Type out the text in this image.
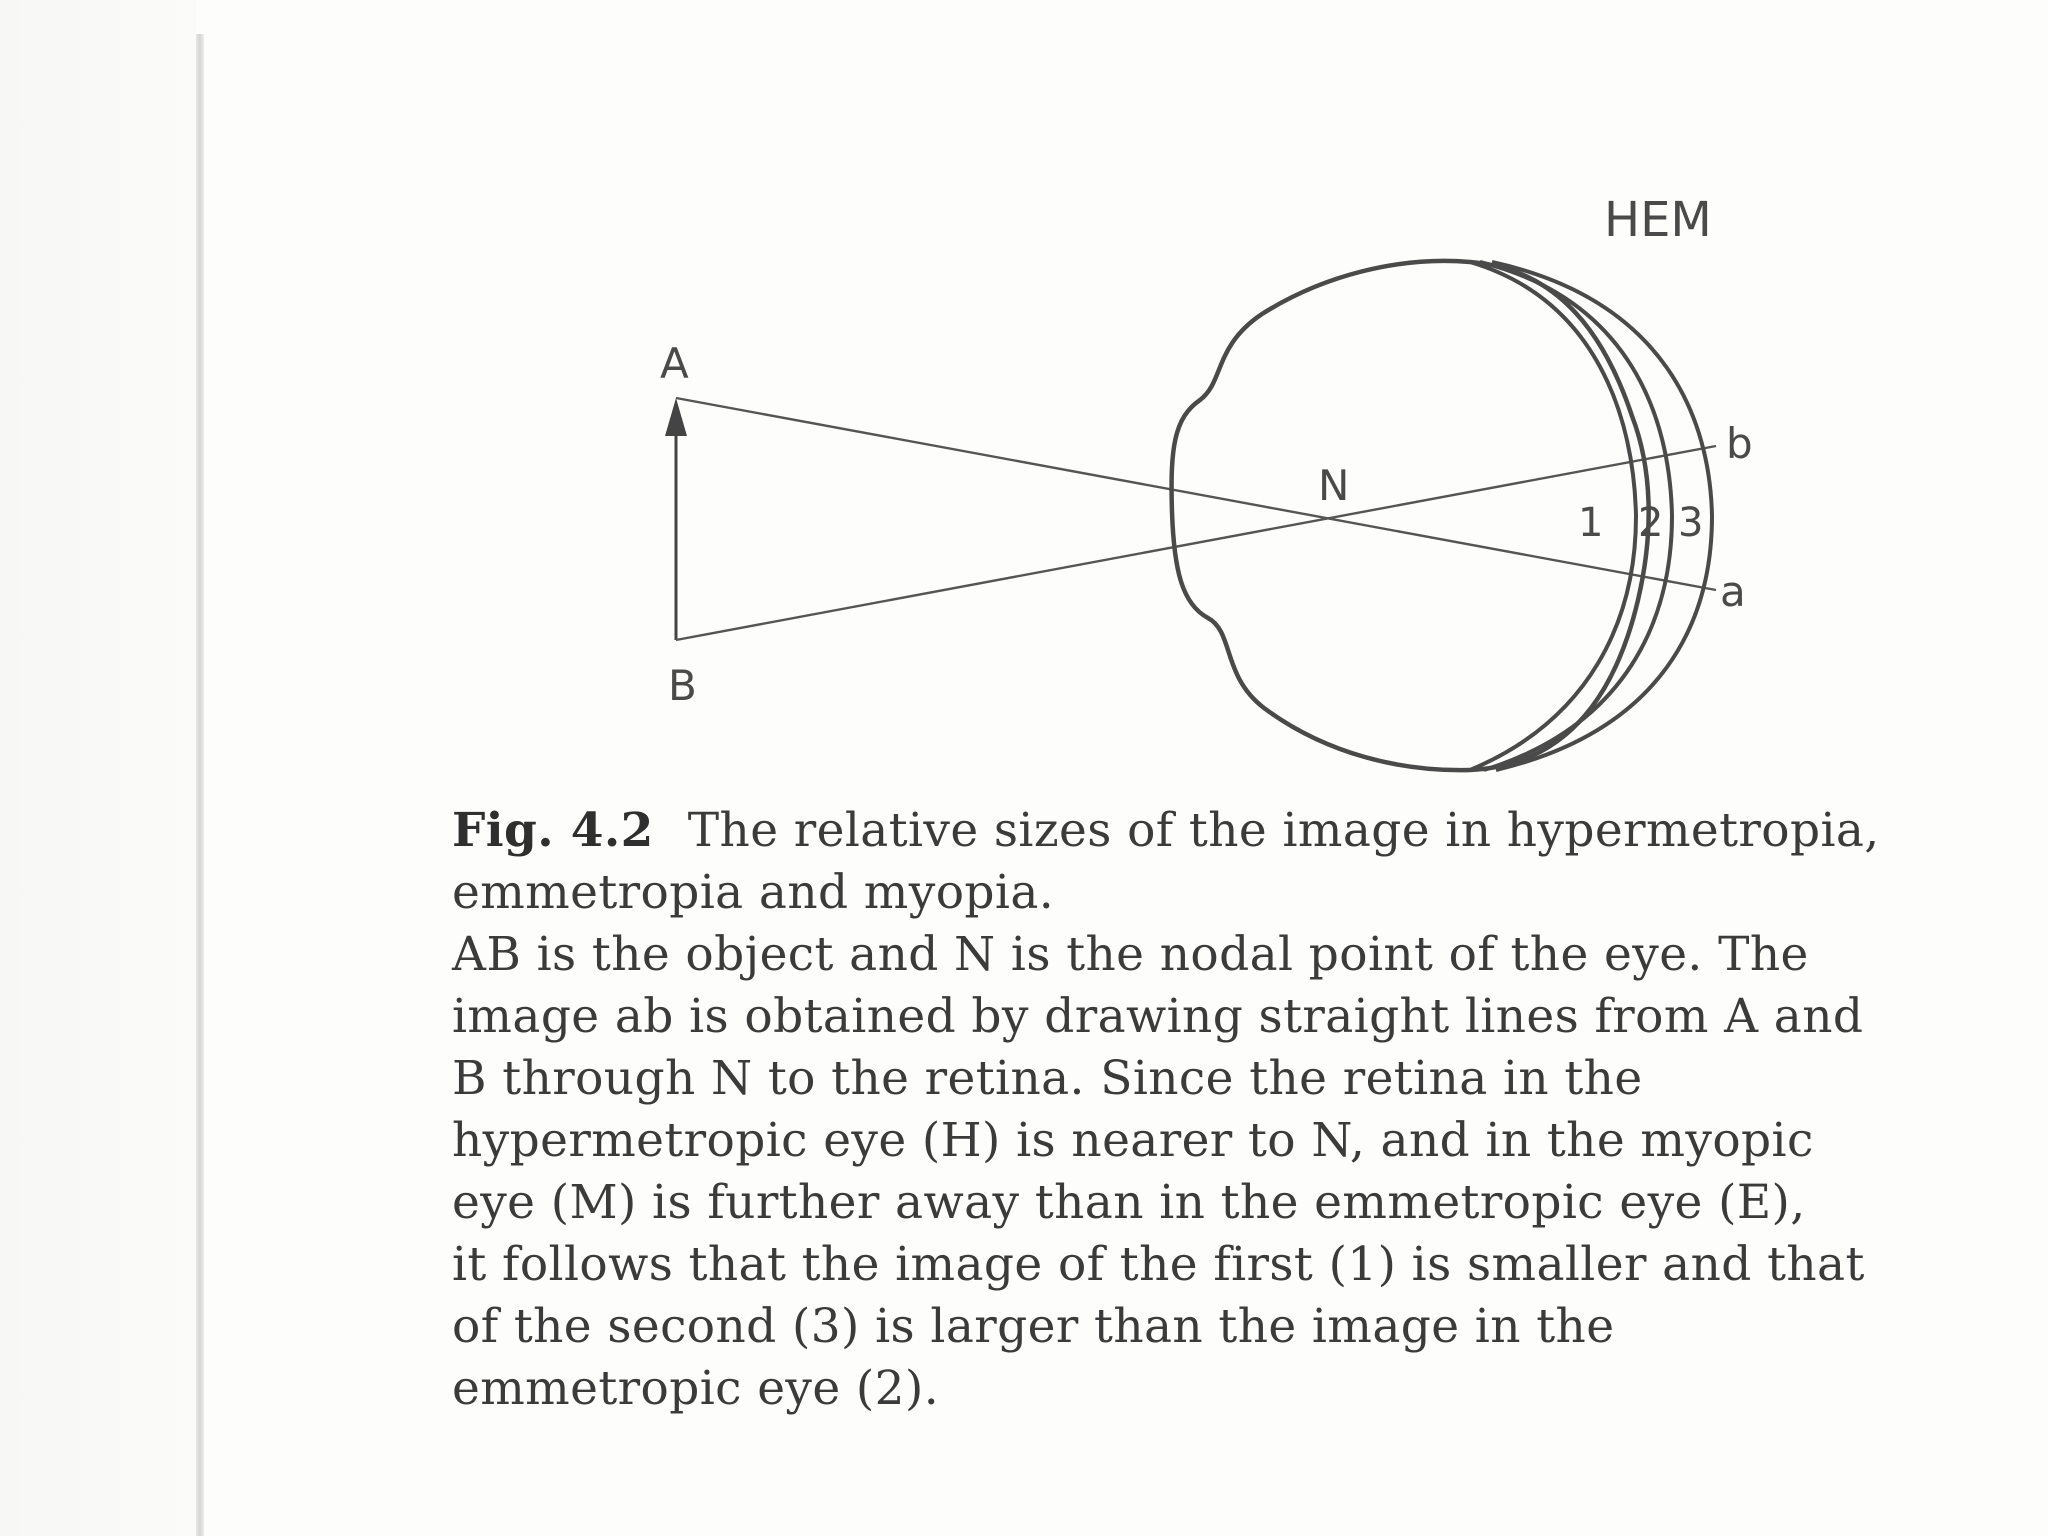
A
B
N
b
a
HEM
1 2 3

Fig. 4.2 The relative sizes of the image in hypermetropia,

emmetropia and myopia.

AB is the object and N is the nodal point of the eye. The

image ab is obtained by drawing straight lines from A and

B through N to the retina. Since the retina in the

hypermetropic eye (H) is nearer to N, and in the myopic

eye (M) is further away than in the emmetropic eye (E),

it follows that the image of the first (1) is smaller and that

of the second (3) is larger than the image in the

emmetropic eye (2).
